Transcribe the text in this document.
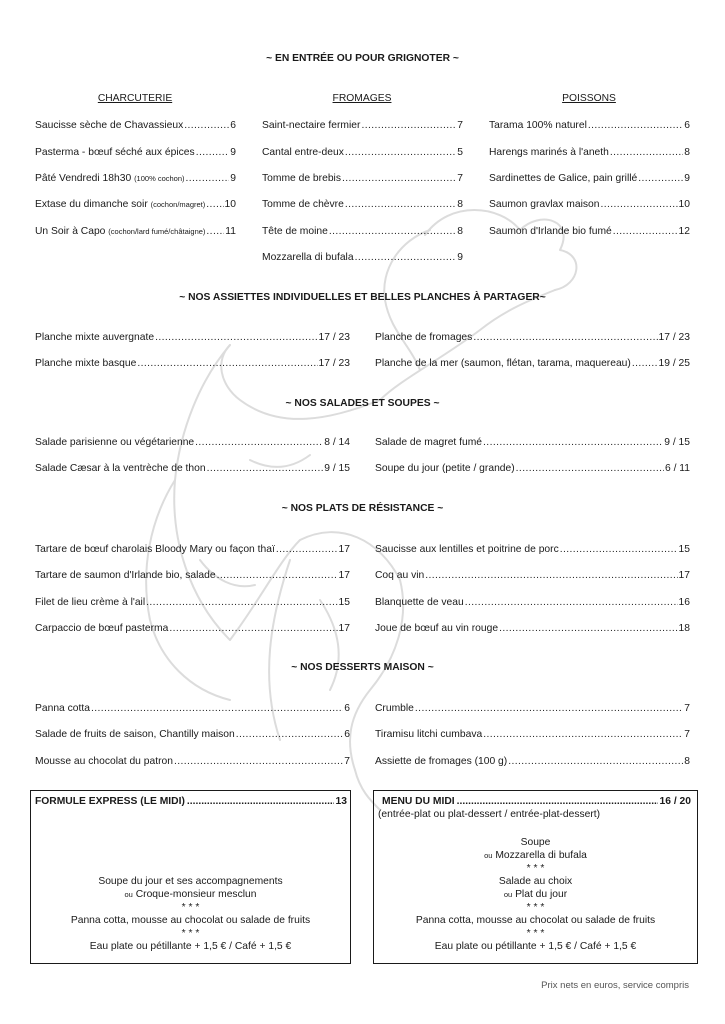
~ EN ENTRÉE OU POUR GRIGNOTER ~
CHARCUTERIE	FROMAGES	POISSONS
Saucisse sèche de Chavassieux .....	6
Pasterma - bœuf séché aux épices .....	9
Pâté Vendredi 18h30
(100% cochon) .....	9
Extase du dimanche soir
(cochon/magret) ..... 10
Un Soir à Capo
(cochon/lard fumé/châtaigne) ..... 11
Saint-nectaire fermier .....	7
Cantal entre-deux .....	5
Tomme de brebis .....	7
Tomme de chèvre .....	8
Tête de moine .....	8
Mozzarella di bufala .....	9
Tarama 100% naturel .....	6
Harengs marinés à l'aneth .....	8
Sardinettes de Galice, pain grillé .....	9
Saumon gravlax maison .....	10
Saumon d'Irlande bio fumé .....	12
~ NOS ASSIETTES INDIVIDUELLES ET BELLES PLANCHES À PARTAGER~
Planche mixte auvergnate .....	17 / 23
Planche mixte basque .....	17 / 23
Planche de fromages .....	17 / 23
Planche de la mer (saumon, flétan, tarama, maquereau) .....	19 / 25
~ NOS SALADES ET SOUPES ~
Salade parisienne ou végétarienne .....	8 / 14
Salade Cæsar à la ventrèche de thon .....	9 / 15
Salade de magret fumé .....	9 / 15
Soupe du jour (petite / grande) .....	6 / 11
~ NOS PLATS DE RÉSISTANCE ~
Tartare de bœuf charolais Bloody Mary ou façon thaï .....	17
Tartare de saumon d'Irlande bio, salade .....	17
Filet de lieu crème à l'ail .....	15
Carpaccio de bœuf pasterma .....	17
Saucisse aux lentilles et poitrine de porc .....	15
Coq au vin .....	17
Blanquette de veau .....	16
Joue de bœuf au vin rouge .....	18
~ NOS DESSERTS MAISON ~
Panna cotta .....	6
Salade de fruits de saison, Chantilly maison .....	6
Mousse au chocolat du patron .....	7
Crumble .....	7
Tiramisu litchi cumbava .....	7
Assiette de fromages (100 g) .....	8
FORMULE EXPRESS (LE MIDI) .....	13
Soupe du jour et ses accompagnements
ou Croque-monsieur mesclun
* * *
Panna cotta, mousse au chocolat ou salade de fruits
* * *
Eau plate ou pétillante + 1,5 € / Café + 1,5 €
MENU DU MIDI .....	16 / 20
(entrée-plat ou plat-dessert / entrée-plat-dessert)
Soupe
ou Mozzarella di bufala
* * *
Salade au choix
ou Plat du jour
* * *
Panna cotta, mousse au chocolat ou salade de fruits
* * *
Eau plate ou pétillante + 1,5 € / Café + 1,5 €
Prix nets en euros, service compris
